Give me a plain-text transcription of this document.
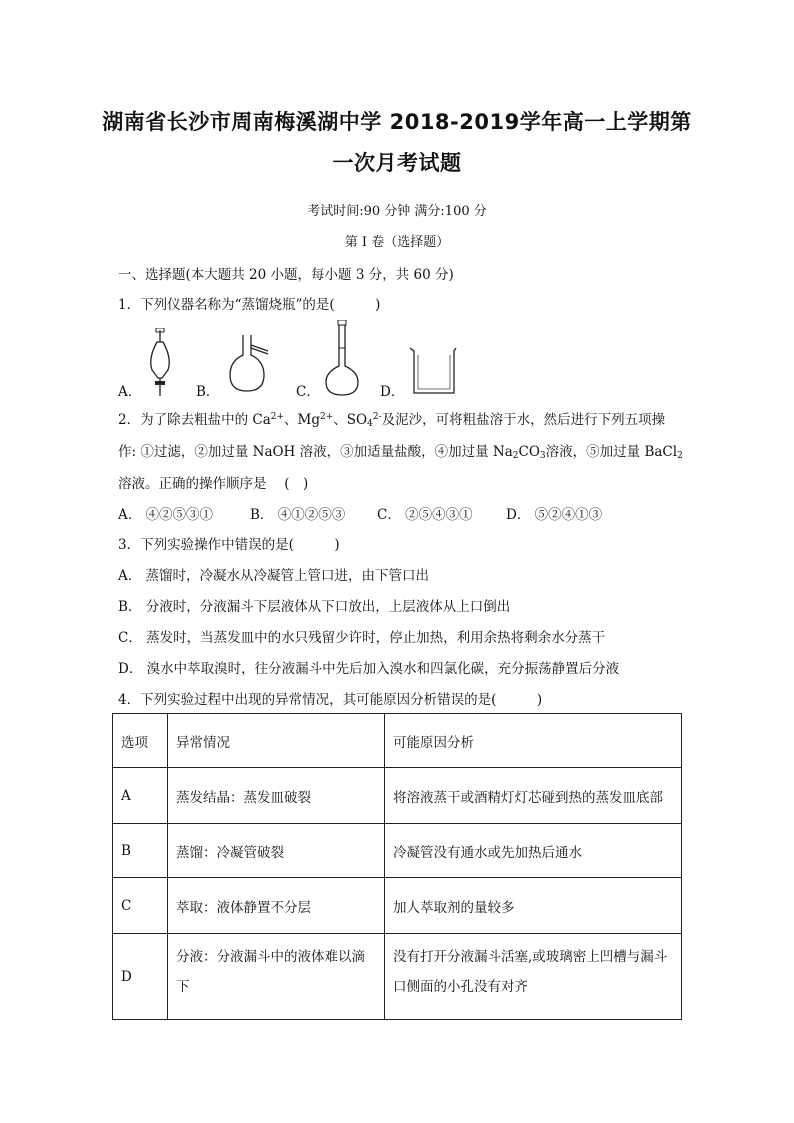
湖南省长沙市周南梅溪湖中学 2018-2019学年高一上学期第
一次月考试题
考试时间:90 分钟 满分:100 分
第 I 卷（选择题）
一、选择题(本大题共 20 小题，每小题 3 分，共 60 分)
1．下列仪器名称为“蒸馏烧瓶”的是(　　　)
A．	B．	C．	D．
2．为了除去粗盐中的 $Ca^{2+}$、$Mg^{2+}$、$SO_4^{2-}$及泥沙，可将粗盐溶于水，然后进行下列五项操
作: ①过滤，②加过量 NaOH 溶液，③加适量盐酸，④加过量 $Na_2CO_3$溶液，⑤加过量 BaCl$_2$
溶液。正确的操作顺序是　 (　)
A． ④②⑤③①	B． ④①②⑤③ C． ②⑤④③① D． ⑤②④①③
3．下列实验操作中错误的是(　　　)
A． 蒸馏时，冷凝水从冷凝管上管口进，由下管口出
B． 分液时，分液漏斗下层液体从下口放出，上层液体从上口倒出
C． 蒸发时，当蒸发皿中的水只残留少许时，停止加热，利用余热将剩余水分蒸干
D． 溴水中萃取溴时，往分液漏斗中先后加入溴水和四氯化碳，充分振荡静置后分液
4．下列实验过程中出现的异常情况，其可能原因分析错误的是(　　　)
选项	异常情况	可能原因分析
A	蒸发结晶：蒸发皿破裂	将溶液蒸干或酒精灯灯芯碰到热的蒸发皿底部
B	蒸馏：冷凝管破裂	冷凝管没有通水或先加热后通水
C	萃取：液体静置不分层	加人萃取剂的量较多
D	分液：分液漏斗中的液体难以滴下	没有打开分液漏斗活塞,或玻璃密上凹槽与漏斗口侧面的小孔没有对齐
